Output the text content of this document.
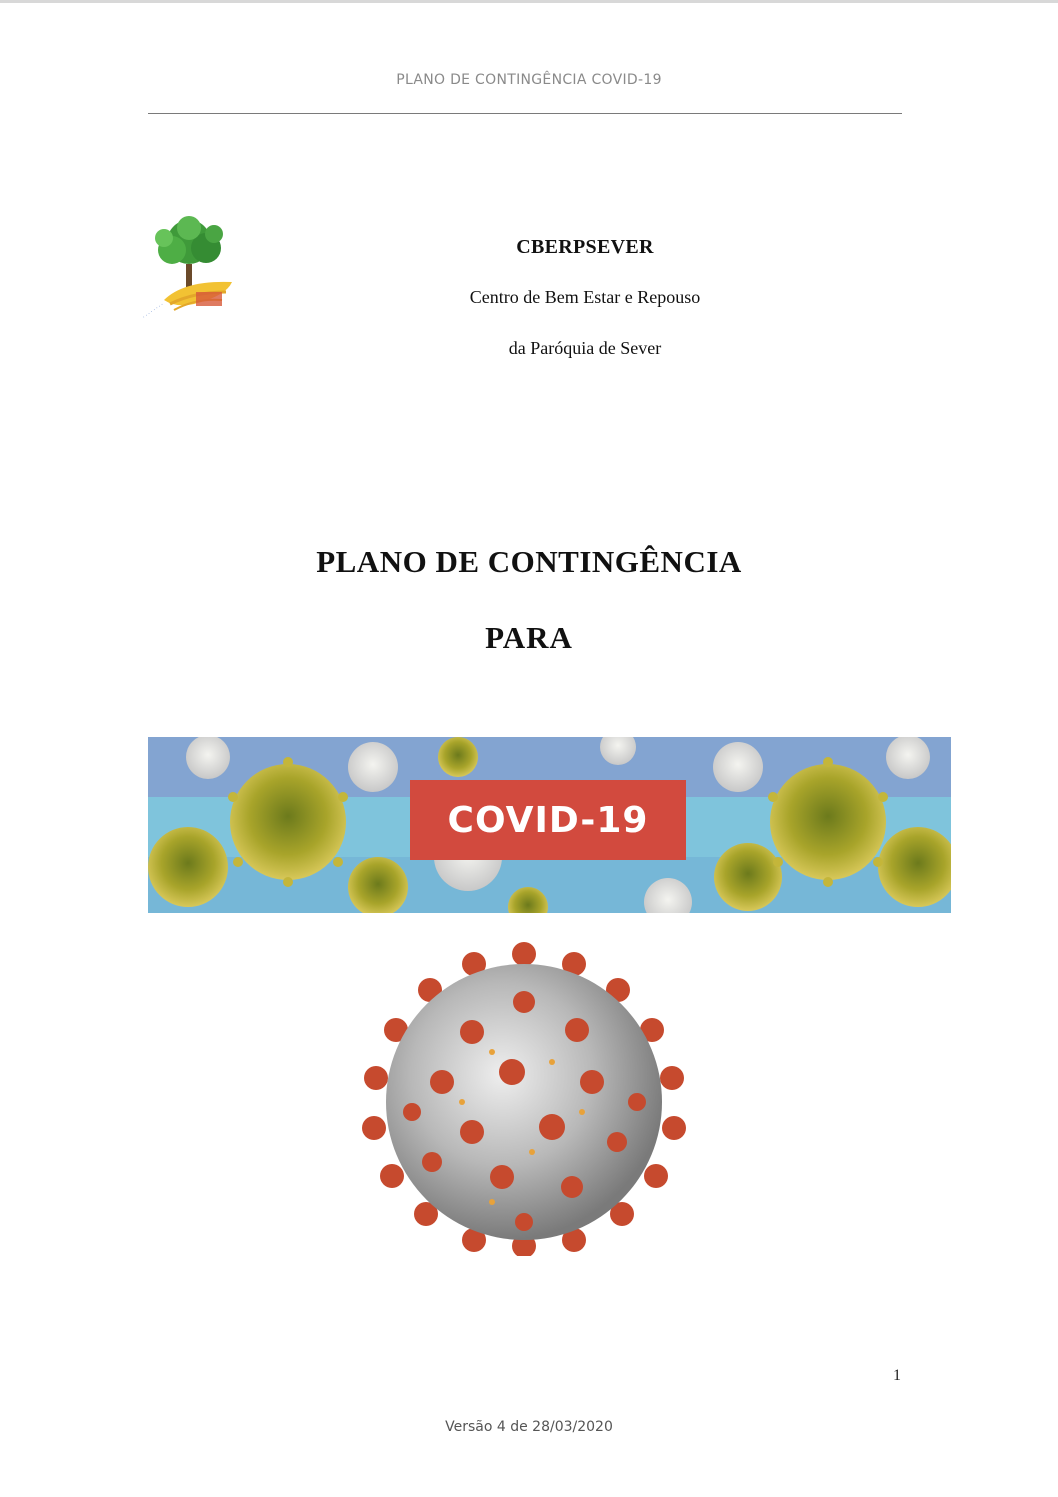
PLANO DE CONTINGÊNCIA COVID-19
· · · · · · · ·
CBERPSEVER
Centro de Bem Estar e Repouso
da Paróquia de Sever
PLANO DE CONTINGÊNCIA
PARA
COVID-19
1
Versão 4 de 28/03/2020
